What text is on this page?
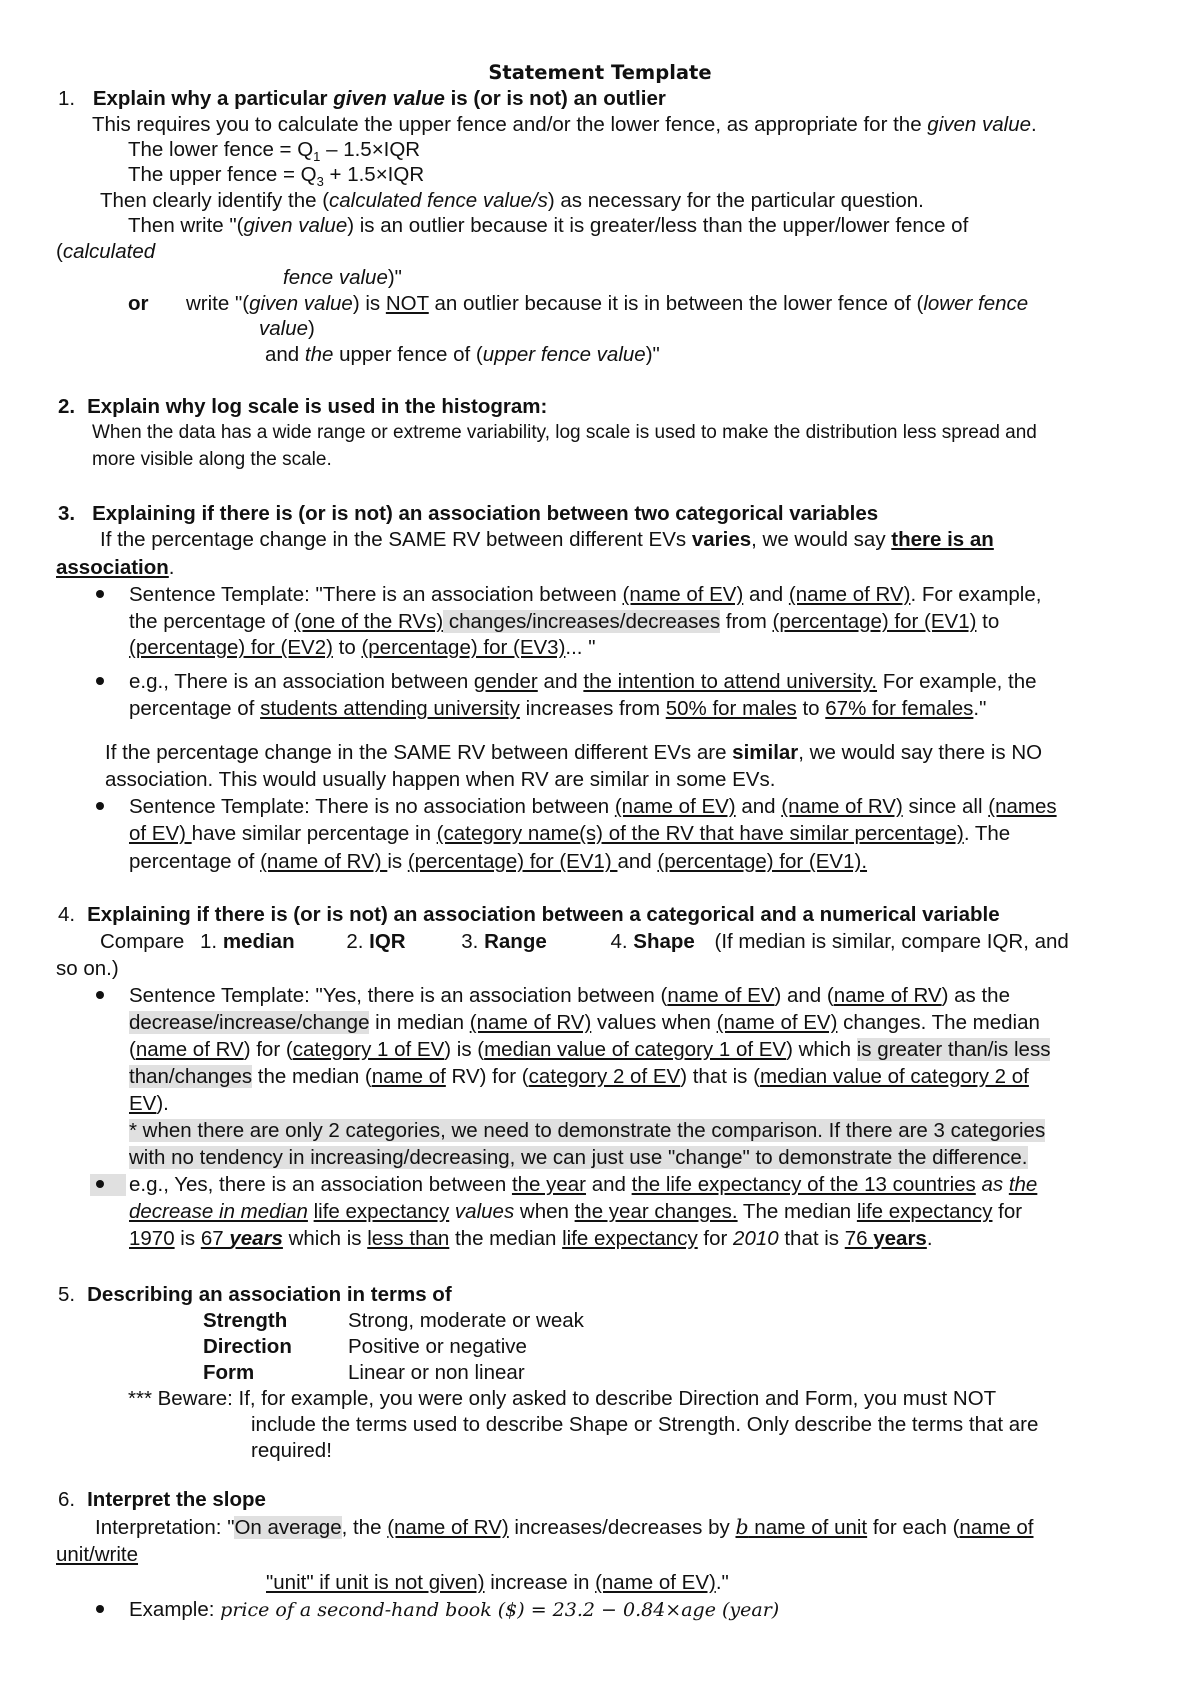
Statement Template
1. Explain why a particular given value is (or is not) an outlier
This requires you to calculate the upper fence and/or the lower fence, as appropriate for the given value.
The lower fence = $Q_1 - 1.5\times IQR$
The upper fence = $Q_3 + 1.5\times IQR$
Then clearly identify the (calculated fence value/s) as necessary for the particular question.
Then write "(given value) is an outlier because it is greater/less than the upper/lower fence of
(calculated
fence value)"
or write "(given value) is NOT an outlier because it is in between the lower fence of (lower fence
value)
and the upper fence of (upper fence value)"
2. Explain why log scale is used in the histogram:
When the data has a wide range or extreme variability, log scale is used to make the distribution less spread and
more visible along the scale.
3. Explaining if there is (or is not) an association between two categorical variables
If the percentage change in the SAME RV between different EVs varies, we would say there is an
association.
Sentence Template: "There is an association between (name of EV) and (name of RV). For example,
the percentage of (one of the RVs) changes/increases/decreases from (percentage) for (EV1) to
(percentage) for (EV2) to (percentage) for (EV3)... "
e.g., There is an association between gender and the intention to attend university. For example, the
percentage of students attending university increases from 50% for males to 67% for females."
If the percentage change in the SAME RV between different EVs are similar, we would say there is NO
association. This would usually happen when RV are similar in some EVs.
Sentence Template: There is no association between (name of EV) and (name of RV) since all (names
of EV) have similar percentage in (category name(s) of the RV that have similar percentage). The
percentage of (name of RV) is (percentage) for (EV1) and (percentage) for (EV1).
4. Explaining if there is (or is not) an association between a categorical and a numerical variable
Compare 1. median	2. IQR	3. Range	4. Shape (If median is similar, compare IQR, and
so on.)
Sentence Template: "Yes, there is an association between (name of EV) and (name of RV) as the
decrease/increase/change in median (name of RV) values when (name of EV) changes. The median
(name of RV) for (category 1 of EV) is (median value of category 1 of EV) which is greater than/is less
than/changes the median (name of RV) for (category 2 of EV) that is (median value of category 2 of
EV).
* when there are only 2 categories, we need to demonstrate the comparison. If there are 3 categories
with no tendency in increasing/decreasing, we can just use "change" to demonstrate the difference.
e.g., Yes, there is an association between the year and the life expectancy of the 13 countries as the
decrease in median life expectancy values when the year changes. The median life expectancy for
1970 is 67 years which is less than the median life expectancy for 2010 that is 76 years.
5. Describing an association in terms of
Strength	Strong, moderate or weak
Direction	Positive or negative
Form	Linear or non linear
*** Beware: If, for example, you were only asked to describe Direction and Form, you must NOT
include the terms used to describe Shape or Strength. Only describe the terms that are
required!
6. Interpret the slope
Interpretation: "On average, the (name of RV) increases/decreases by b name of unit for each (name of
unit/write
"unit" if unit is not given) increase in (name of EV)."
Example: price of a second-hand book ($) = 23.2 − 0.84×age (year)
